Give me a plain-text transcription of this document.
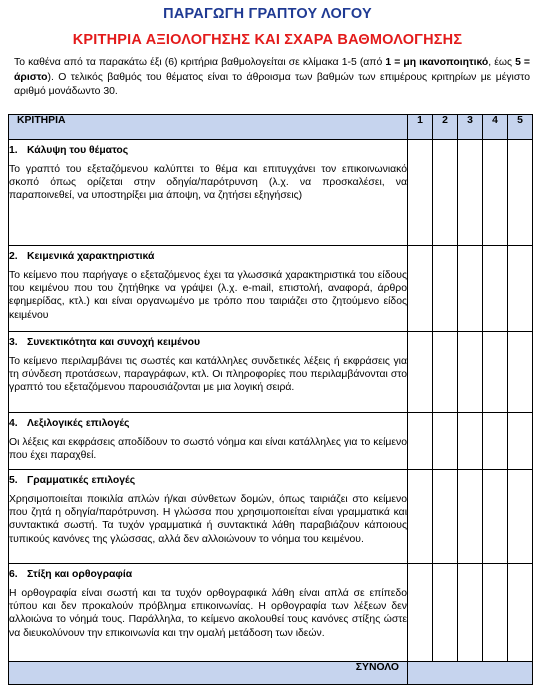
ΠΑΡΑΓΩΓΗ ΓΡΑΠΤΟΥ ΛΟΓΟΥ
ΚΡΙΤΗΡΙΑ ΑΞΙΟΛΟΓΗΣΗΣ ΚΑΙ ΣΧΑΡΑ ΒΑΘΜΟΛΟΓΗΣΗΣ
Το καθένα από τα παρακάτω έξι (6) κριτήρια βαθμολογείται σε κλίμακα 1-5 (από 1 = μη ικανοποιητικό, έως 5 = άριστο). Ο τελικός βαθμός του θέματος είναι το άθροισμα των βαθμών των επιμέρους κριτηρίων με μέγιστο αριθμό μονάδωντο 30.
ΚΡΙΤΗΡΙΑ	1	2	3	4	5

1. Κάλυψη του θέματος
Το γραπτό του εξεταζόμενου καλύπτει το θέμα και επιτυγχάνει τον επικοινωνιακό σκοπό όπως ορίζεται στην οδηγία/παρότρυνση (λ.χ. να προσκαλέσει, να παραποινεθεί, να υποστηρίξει μια άποψη, να ζητήσει εξηγήσεις)					

2. Κειμενικά χαρακτηριστικά
Το κείμενο που παρήγαγε ο εξεταζόμενος έχει τα γλωσσικά χαρακτηριστικά του είδους του κειμένου που του ζητήθηκε να γράψει (λ.χ. e-mail, επιστολή, αναφορά, άρθρο εφημερίδας, κτλ.) και είναι οργανωμένο με τρόπο που ταιριάζει στο ζητούμενο είδος κειμένου					

3. Συνεκτικότητα και συνοχή κειμένου
Το κείμενο περιλαμβάνει τις σωστές και κατάλληλες συνδετικές λέξεις ή εκφράσεις για τη σύνδεση προτάσεων, παραγράφων, κτλ. Οι πληροφορίες που περιλαμβάνονται στο γραπτό του εξεταζόμενου παρουσιάζονται με μια λογική σειρά.					

4. Λεξιλογικές επιλογές
Οι λέξεις και εκφράσεις αποδίδουν το σωστό νόημα και είναι κατάλληλες για το κείμενο που έχει παραχθεί.					

5. Γραμματικές επιλογές
Χρησιμοποιείται ποικιλία απλών ή/και σύνθετων δομών, όπως ταιριάζει στο κείμενο που ζητά η οδηγία/παρότρυνση. Η γλώσσα που χρησιμοποιείται είναι γραμματικά και συντακτικά σωστή. Τα τυχόν γραμματικά ή συντακτικά λάθη παραβιάζουν κάποιους τυπικούς κανόνες της γλώσσας, αλλά δεν αλλοιώνουν το νόημα του κειμένου.					

6. Στίξη και ορθογραφία
Η ορθογραφία είναι σωστή και τα τυχόν ορθογραφικά λάθη είναι απλά σε επίπεδο τύπου και δεν προκαλούν πρόβλημα επικοινωνίας. Η ορθογραφία των λέξεων δεν αλλοιώνα το νόημά τους. Παράλληλα, το κείμενο ακολουθεί τους κανόνες στίξης ώστε να διευκολύνουν την επικοινωνία και την ομαλή μετάδοση των ιδεών.					

ΣΥΝΟΛΟ					
